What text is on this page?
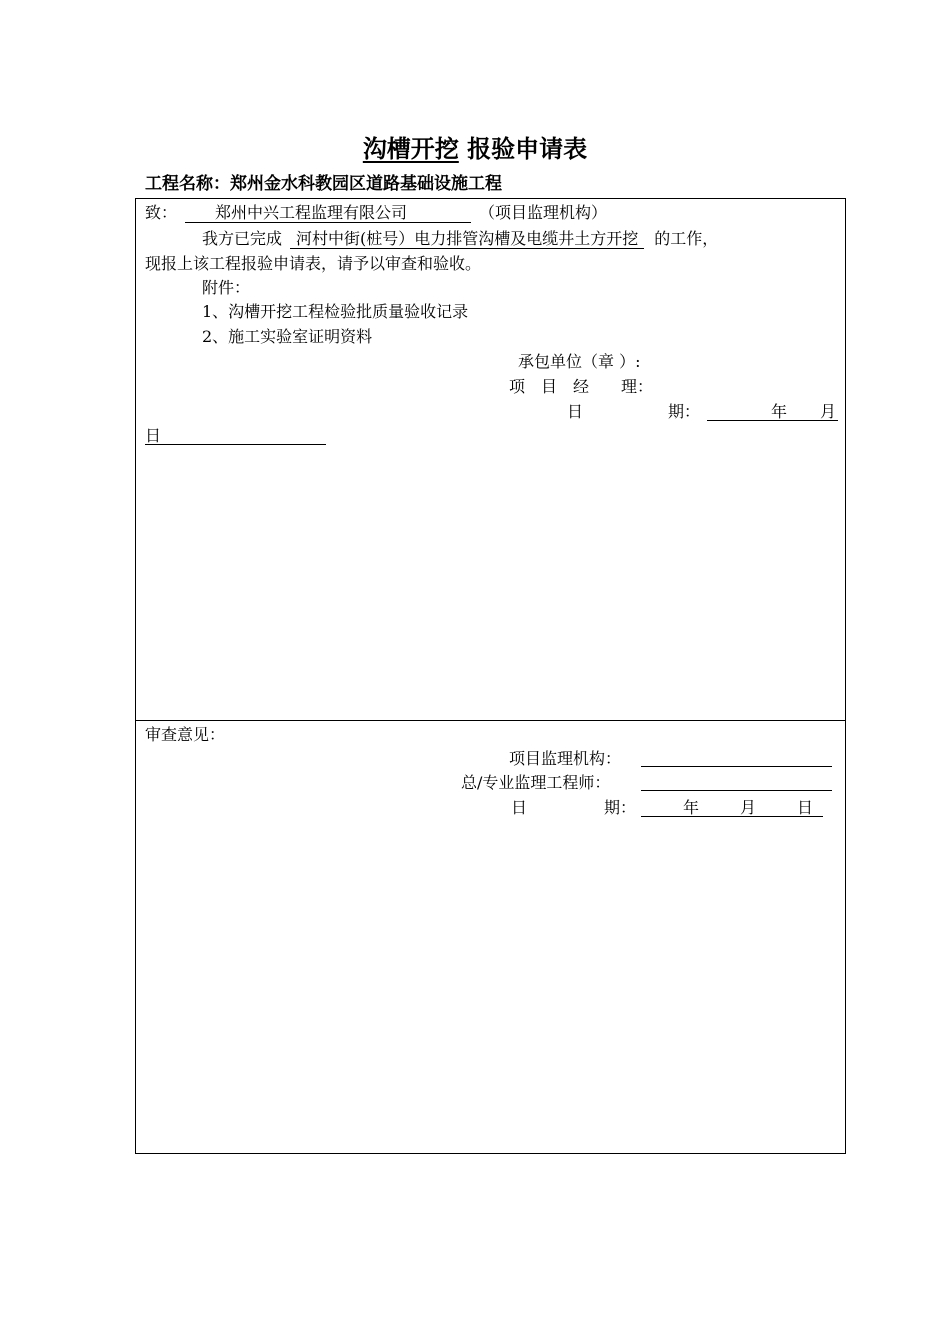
沟槽开挖 报验申请表
工程名称：郑州金水科教园区道路基础设施工程
致： 郑州中兴工程监理有限公司	（项目监理机构）
我方已完成 河村中街(桩号）电力排管沟槽及电缆井土方开挖 的工作，
现报上该工程报验申请表，请予以审查和验收。
附件：
1、沟槽开挖工程检验批质量验收记录
2、施工实验室证明资料
承包单位（章 ）:
项　目　经　　理：
日	期：	年 月
日
审查意见：
项目监理机构：
总/专业监理工程师：
日	期：	年	月	日
